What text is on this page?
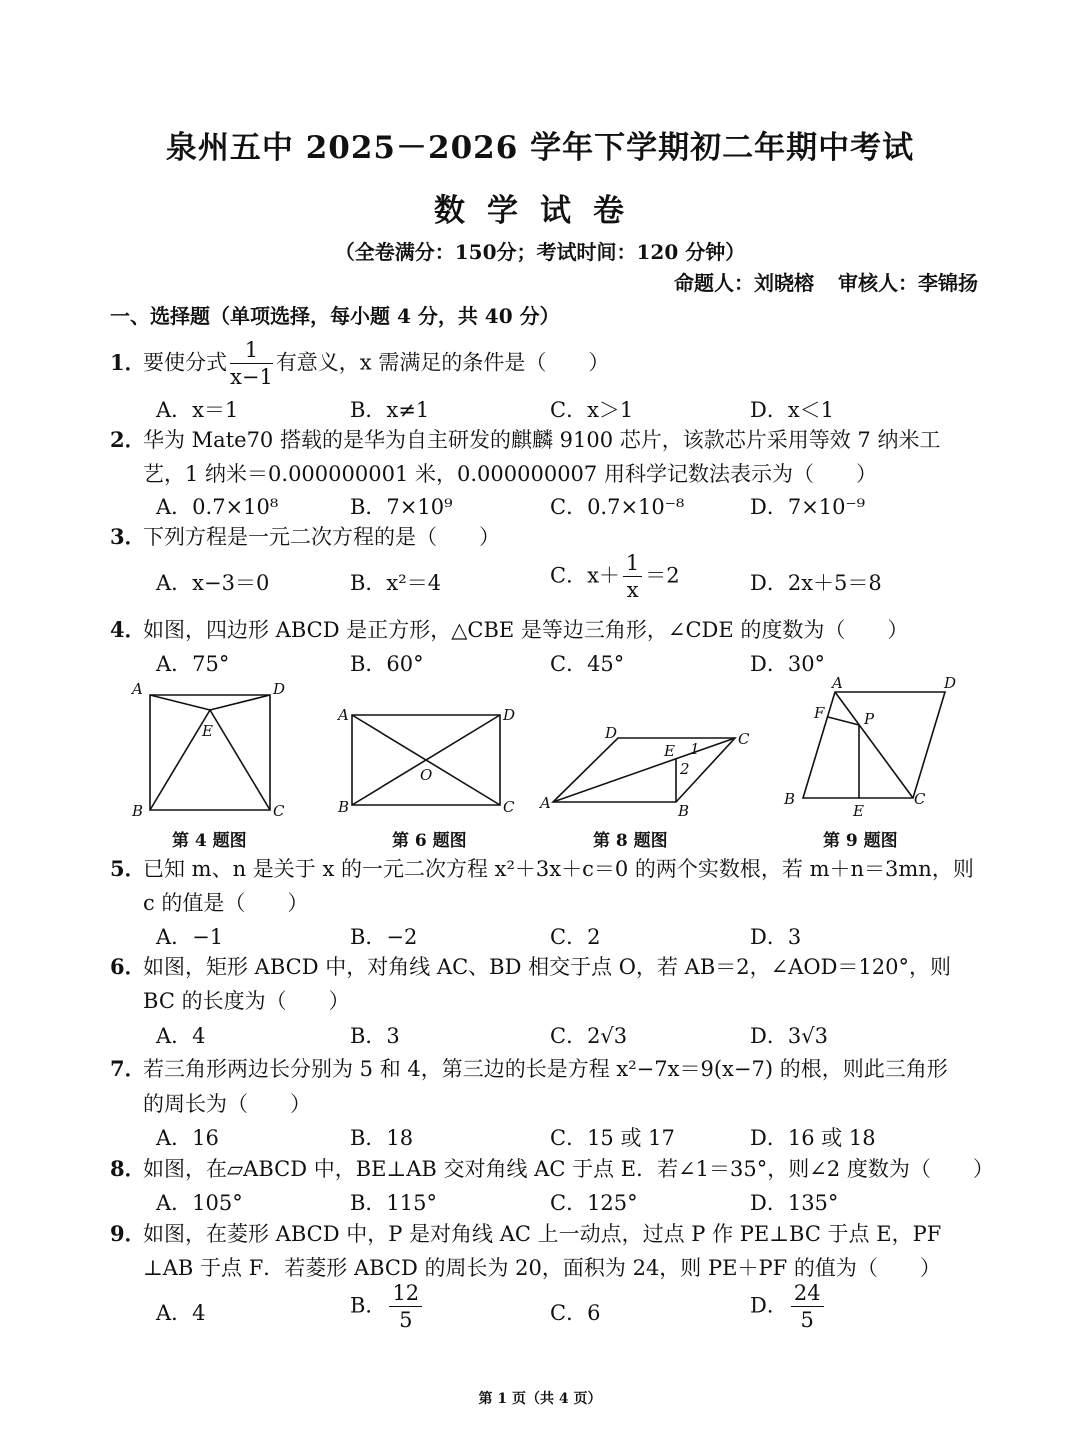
泉州五中 2025－2026 学年下学期初二年期中考试
数学试卷
（全卷满分：150分；考试时间：120 分钟）
命题人：刘晓榕 审核人：李锦扬
一、选择题（单项选择，每小题 4 分，共 40 分）
1．要使分式 $\frac{1}{x-1}$ 有意义，x 需满足的条件是（　　）
A．x＝1	B．x≠1	C．x＞1	D．x＜1
2．华为 Mate70 搭载的是华为自主研发的麒麟 9100 芯片，该款芯片采用等效 7 纳米工
艺，1 纳米＝0.000000001 米，0.000000007 用科学记数法表示为（　　）
A．0.7×10⁸	B．7×10⁹	C．0.7×10⁻⁸	D．7×10⁻⁹
3．下列方程是一元二次方程的是（　　）
A．x−3＝0	B．x²＝4	C．$x+ \frac{1}{x} =2$	D．2x＋5＝8
4．如图，四边形 ABCD 是正方形，△CBE 是等边三角形，∠CDE 的度数为（　　）
A．75°	B．60°	C．45°	D．30°
A	D
B	C
E
A	D
B	C
O
D	C
A	B
E 1
2
A	D
B	C
F	P
E
第 4 题图	第 6 题图	第 8 题图	第 9 题图
5．已知 m、n 是关于 x 的一元二次方程 x²＋3x＋c＝0 的两个实数根，若 m＋n＝3mn，则
c 的值是（　　）
A．−1	B．−2	C．2	D．3
6．如图，矩形 ABCD 中，对角线 AC、BD 相交于点 O，若 AB＝2，∠AOD＝120°，则
BC 的长度为（　　）
A．4	B．3	C．2√3	D．3√3
7．若三角形两边长分别为 5 和 4，第三边的长是方程 x²−7x＝9(x−7) 的根，则此三角形
的周长为（　　）
A．16	B．18	C．15 或 17	D．16 或 18
8．如图，在▱ABCD 中，BE⊥AB 交对角线 AC 于点 E．若∠1＝35°，则∠2 度数为（　　）
A．105°	B．115°	C．125°	D．135°
9．如图，在菱形 ABCD 中，P 是对角线 AC 上一动点，过点 P 作 PE⊥BC 于点 E，PF
⊥AB 于点 F．若菱形 ABCD 的周长为 20，面积为 24，则 PE＋PF 的值为（　　）
A．4	B． $\frac{12}{5}$	C．6	D． $\frac{24}{5}$
第 1 页（共 4 页）
